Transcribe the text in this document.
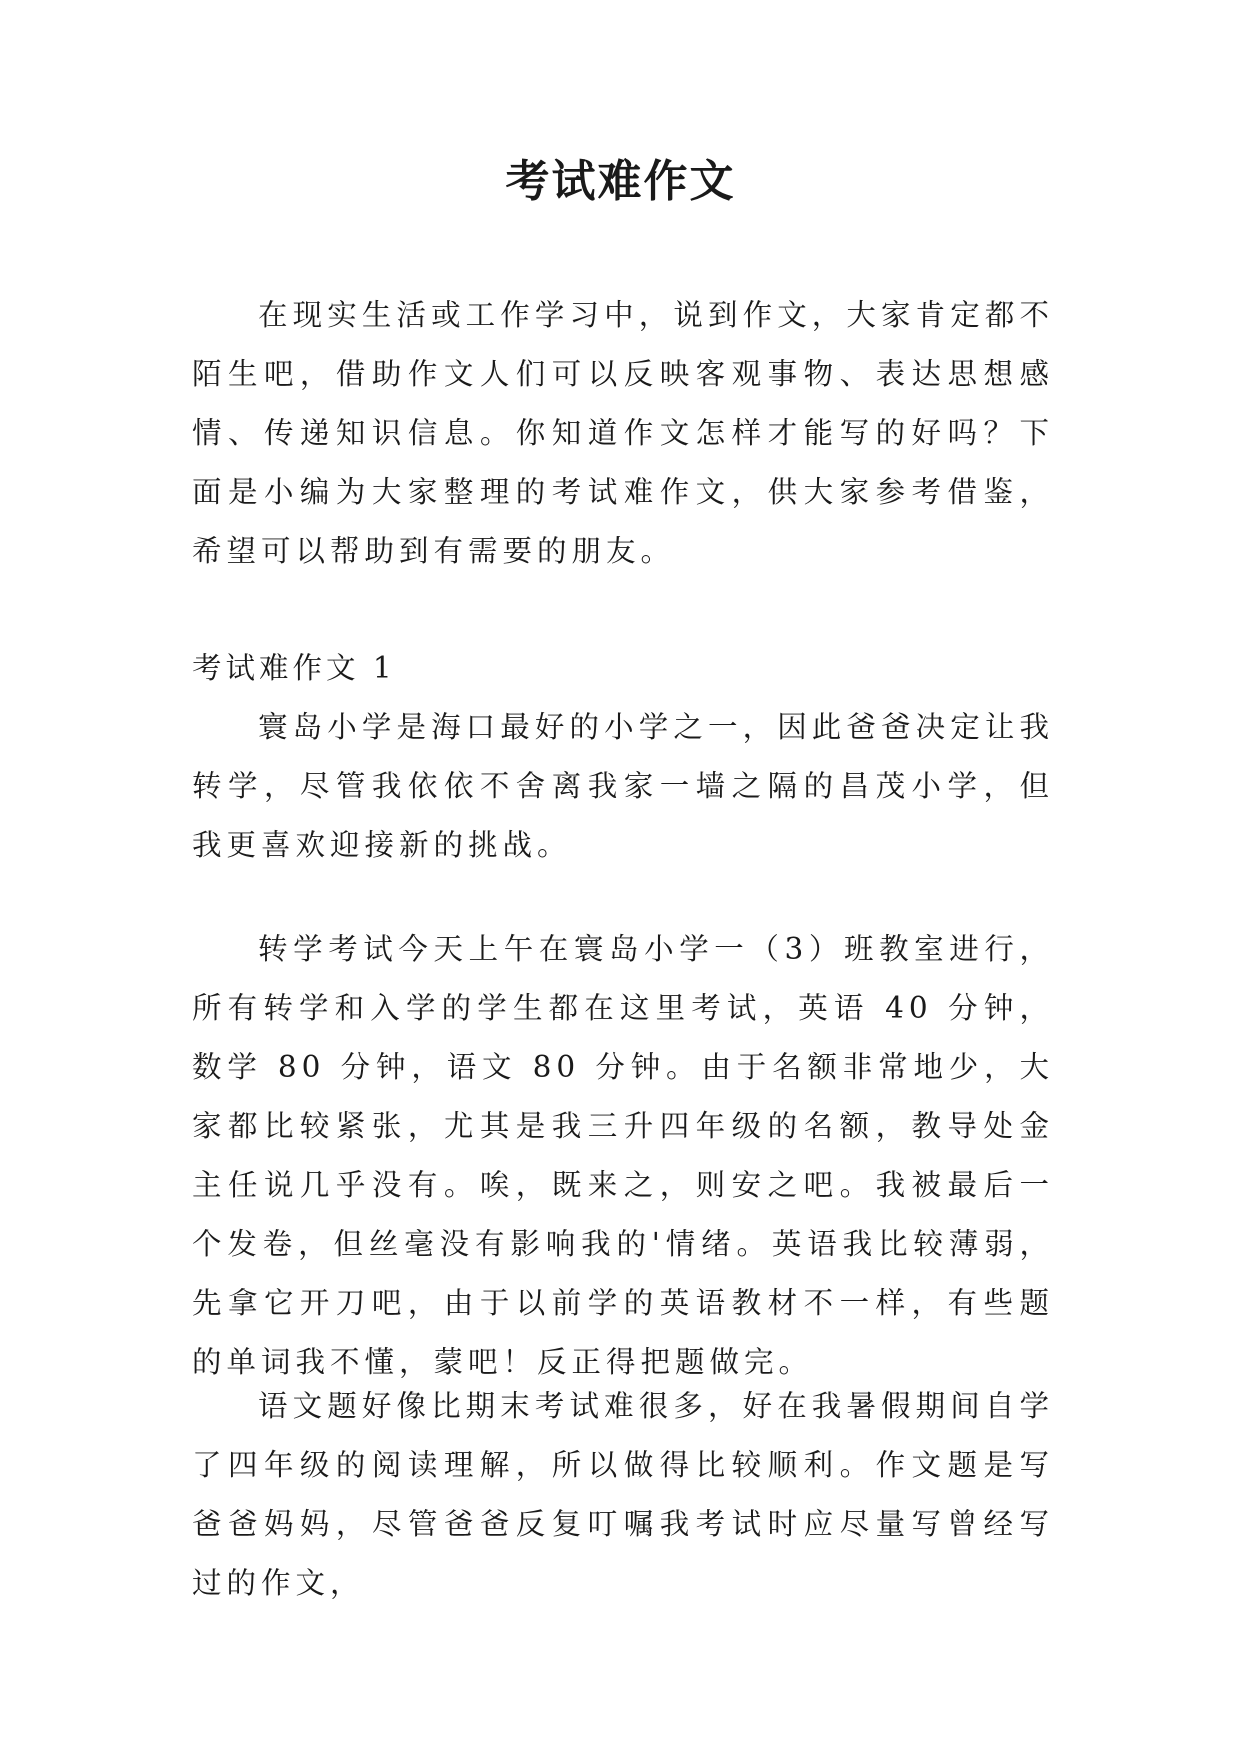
考试难作文

在现实生活或工作学习中，说到作文，大家肯定都不陌生吧，借助作文人们可以反映客观事物、表达思想感情、传递知识信息。你知道作文怎样才能写的好吗？下面是小编为大家整理的考试难作文，供大家参考借鉴，希望可以帮助到有需要的朋友。

考试难作文 1

寰岛小学是海口最好的小学之一，因此爸爸决定让我转学，尽管我依依不舍离我家一墙之隔的昌茂小学，但我更喜欢迎接新的挑战。

转学考试今天上午在寰岛小学一（3）班教室进行，所有转学和入学的学生都在这里考试，英语 40 分钟，数学 80 分钟，语文 80 分钟。由于名额非常地少，大家都比较紧张，尤其是我三升四年级的名额，教导处金主任说几乎没有。唉，既来之，则安之吧。我被最后一个发卷，但丝毫没有影响我的'情绪。英语我比较薄弱，先拿它开刀吧，由于以前学的英语教材不一样，有些题的单词我不懂，蒙吧！反正得把题做完。

语文题好像比期末考试难很多，好在我暑假期间自学了四年级的阅读理解，所以做得比较顺利。作文题是写爸爸妈妈，尽管爸爸反复叮嘱我考试时应尽量写曾经写过的作文，
